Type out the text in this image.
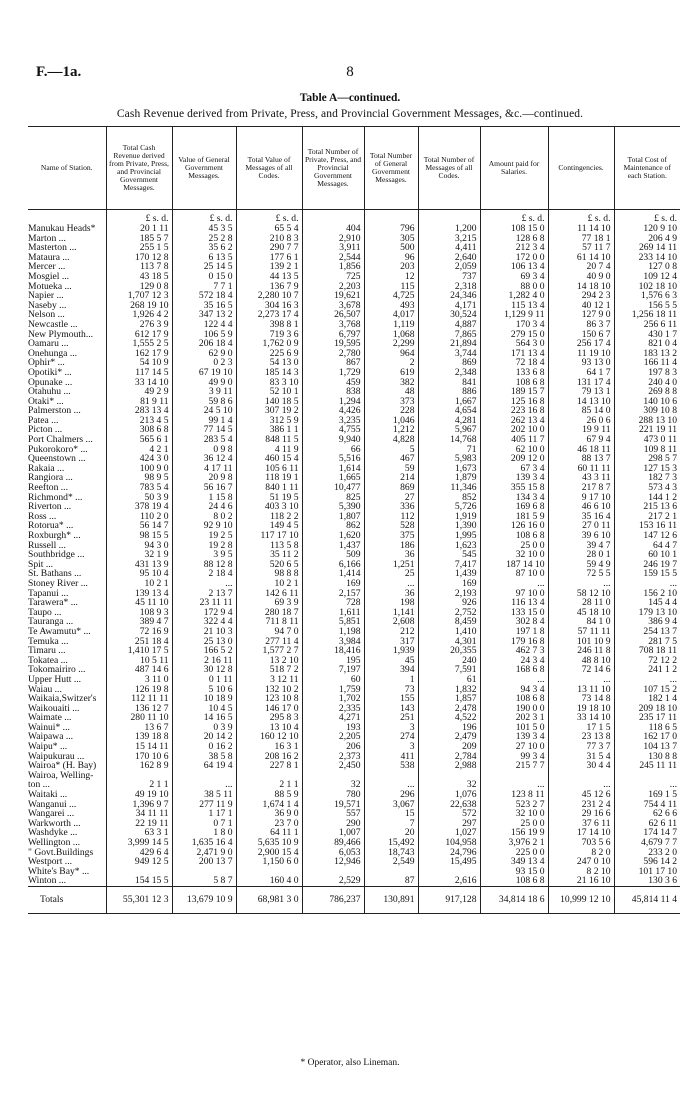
F.—1a.	8
Table A—continued.
Cash Revenue derived from Private, Press, and Provincial Government Messages, &c.—continued.
Name of Station.	Total Cash Revenue derived from Private, Press, and Provincial Government Messages.	Value of General Government Messages.	Total Value of Messages of all Codes.	Total Number of Private, Press, and Provincial Government Messages.	Total Number of General Government Messages.	Total Number of Messages of all Codes.	Amount paid for Salaries.	Contingencies.	Total Cost of Maintenance of each Station.
	£ s. d.	£ s. d.	£ s. d.				£ s. d.	£ s. d.	£ s. d.
Manukau Heads*	20 1 11	45 3 5	65 5 4	404	796	1,200	108 15 0	11 14 10	120 9 10
Marton ...	185 5 7	25 2 8	210 8 3	2,910	305	3,215	128 6 8	77 18 1	206 4 9
Masterton ...	255 1 5	35 6 2	290 7 7	3,911	500	4,411	212 3 4	57 11 7	269 14 11
Mataura ...	170 12 8	6 13 5	177 6 1	2,544	96	2,640	172 0 0	61 14 10	233 14 10
Mercer ...	113 7 8	25 14 5	139 2 1	1,856	203	2,059	106 13 4	20 7 4	127 0 8
Mosgiel ...	43 18 5	0 15 0	44 13 5	725	12	737	69 3 4	40 9 0	109 12 4
Motueka ...	129 0 8	7 7 1	136 7 9	2,203	115	2,318	88 0 0	14 18 10	102 18 10
Napier ...	1,707 12 3	572 18 4	2,280 10 7	19,621	4,725	24,346	1,282 4 0	294 2 3	1,576 6 3
Naseby ...	268 19 10	35 16 5	304 16 3	3,678	493	4,171	115 13 4	40 12 1	156 5 5
Nelson ...	1,926 4 2	347 13 2	2,273 17 4	26,507	4,017	30,524	1,129 9 11	127 9 0	1,256 18 11
Newcastle ...	276 3 9	122 4 4	398 8 1	3,768	1,119	4,887	170 3 4	86 3 7	256 6 11
New Plymouth...	612 17 9	106 5 9	719 3 6	6,797	1,068	7,865	279 15 0	150 6 7	430 1 7
Oamaru ...	1,555 2 5	206 18 4	1,762 0 9	19,595	2,299	21,894	564 3 0	256 17 4	821 0 4
Onehunga ...	162 17 9	62 9 0	225 6 9	2,780	964	3,744	171 13 4	11 19 10	183 13 2
Ophir* ...	54 10 9	0 2 3	54 13 0	867	2	869	72 18 4	93 13 0	166 11 4
Opotiki* ...	117 14 5	67 19 10	185 14 3	1,729	619	2,348	133 6 8	64 1 7	197 8 3
Opunake ...	33 14 10	49 9 0	83 3 10	459	382	841	108 6 8	131 17 4	240 4 0
Otahuhu ...	49 2 9	3 9 11	52 10 1	838	48	886	189 15 7	79 13 1	269 8 8
Otaki* ...	81 9 11	59 8 6	140 18 5	1,294	373	1,667	125 16 8	14 13 10	140 10 6
Palmerston ...	283 13 4	24 5 10	307 19 2	4,426	228	4,654	223 16 8	85 14 0	309 10 8
Patea ...	213 4 5	99 1 4	312 5 9	3,235	1,046	4,281	262 13 4	26 0 6	288 13 10
Picton ...	308 6 8	77 14 5	386 1 1	4,755	1,212	5,967	202 10 0	19 9 11	221 19 11
Port Chalmers ...	565 6 1	283 5 4	848 11 5	9,940	4,828	14,768	405 11 7	67 9 4	473 0 11
Pukorokoro* ...	4 2 1	0 9 8	4 11 9	66	5	71	62 10 0	46 18 11	109 8 11
Queenstown ...	424 3 0	36 12 4	460 15 4	5,516	467	5,983	209 12 0	88 13 7	298 5 7
Rakaia ...	100 9 0	4 17 11	105 6 11	1,614	59	1,673	67 3 4	60 11 11	127 15 3
Rangiora ...	98 9 5	20 9 8	118 19 1	1,665	214	1,879	139 3 4	43 3 11	182 7 3
Reefton ...	783 5 4	56 16 7	840 1 11	10,477	869	11,346	355 15 8	217 8 7	573 4 3
Richmond* ...	50 3 9	1 15 8	51 19 5	825	27	852	134 3 4	9 17 10	144 1 2
Riverton ...	378 19 4	24 4 6	403 3 10	5,390	336	5,726	169 6 8	46 6 10	215 13 6
Ross ...	110 2 0	8 0 2	118 2 2	1,807	112	1,919	181 5 9	35 16 4	217 2 1
Rotorua* ...	56 14 7	92 9 10	149 4 5	862	528	1,390	126 16 0	27 0 11	153 16 11
Roxburgh* ...	98 15 5	19 2 5	117 17 10	1,620	375	1,995	108 6 8	39 6 10	147 12 6
Russell ...	94 3 0	19 2 8	113 5 8	1,437	186	1,623	25 0 0	39 4 7	64 4 7
Southbridge ...	32 1 9	3 9 5	35 11 2	509	36	545	32 10 0	28 0 1	60 10 1
Spit ...	431 13 9	88 12 8	520 6 5	6,166	1,251	7,417	187 14 10	59 4 9	246 19 7
St. Bathans ...	95 10 4	2 18 4	98 8 8	1,414	25	1,439	87 10 0	72 5 5	159 15 5
Stoney River ...	10 2 1	...	10 2 1	169	...	169	...	...	...
Tapanui ...	139 13 4	2 13 7	142 6 11	2,157	36	2,193	97 10 0	58 12 10	156 2 10
Tarawera* ...	45 11 10	23 11 11	69 3 9	728	198	926	116 13 4	28 11 0	145 4 4
Taupo ...	108 9 3	172 9 4	280 18 7	1,611	1,141	2,752	133 15 0	45 18 10	179 13 10
Tauranga ...	389 4 7	322 4 4	711 8 11	5,851	2,608	8,459	302 8 4	84 1 0	386 9 4
Te Awamutu* ...	72 16 9	21 10 3	94 7 0	1,198	212	1,410	197 1 8	57 11 11	254 13 7
Temuka ...	251 18 4	25 13 0	277 11 4	3,984	317	4,301	179 16 8	101 10 9	281 7 5
Timaru ...	1,410 17 5	166 5 2	1,577 2 7	18,416	1,939	20,355	462 7 3	246 11 8	708 18 11
Tokatea ...	10 5 11	2 16 11	13 2 10	195	45	240	24 3 4	48 8 10	72 12 2
Tokomairiro ...	487 14 6	30 12 8	518 7 2	7,197	394	7,591	168 6 8	72 14 6	241 1 2
Upper Hutt ...	3 11 0	0 1 11	3 12 11	60	1	61	...	...	...
Waiau ...	126 19 8	5 10 6	132 10 2	1,759	73	1,832	94 3 4	13 11 10	107 15 2
Waikaia,Switzer's	112 11 11	10 18 9	123 10 8	1,702	155	1,857	108 6 8	73 14 8	182 1 4
Waikouaiti ...	136 12 7	10 4 5	146 17 0	2,335	143	2,478	190 0 0	19 18 10	209 18 10
Waimate ...	280 11 10	14 16 5	295 8 3	4,271	251	4,522	202 3 1	33 14 10	235 17 11
Wainui* ...	13 6 7	0 3 9	13 10 4	193	3	196	101 5 0	17 1 5	118 6 5
Waipawa ...	139 18 8	20 14 2	160 12 10	2,205	274	2,479	139 3 4	23 13 8	162 17 0
Waipu* ...	15 14 11	0 16 2	16 3 1	206	3	209	27 10 0	77 3 7	104 13 7
Waipukurau ...	170 10 6	38 5 8	208 16 2	2,373	411	2,784	99 3 4	31 5 4	130 8 8
Wairoa* (H. Bay)	162 8 9	64 19 4	227 8 1	2,450	538	2,988	215 7 7	30 4 4	245 11 11
Wairoa, Welling-									
ton ...	2 1 1	...	2 1 1	32	...	32	...	...	...
Waitaki ...	49 19 10	38 5 11	88 5 9	780	296	1,076	123 8 11	45 12 6	169 1 5
Wanganui ...	1,396 9 7	277 11 9	1,674 1 4	19,571	3,067	22,638	523 2 7	231 2 4	754 4 11
Wangarei ...	34 11 11	1 17 1	36 9 0	557	15	572	32 10 0	29 16 6	62 6 6
Warkworth ...	22 19 11	0 7 1	23 7 0	290	7	297	25 0 0	37 6 11	62 6 11
Washdyke ...	63 3 1	1 8 0	64 11 1	1,007	20	1,027	156 19 9	17 14 10	174 14 7
Wellington ...	3,999 14 5	1,635 16 4	5,635 10 9	89,466	15,492	104,958	3,976 2 1	703 5 6	4,679 7 7
" Govt.Buildings	429 6 4	2,471 9 0	2,900 15 4	6,053	18,743	24,796	225 0 0	8 2 0	233 2 0
Westport ...	949 12 5	200 13 7	1,150 6 0	12,946	2,549	15,495	349 13 4	247 0 10	596 14 2
White's Bay* ...							93 15 0	8 2 10	101 17 10
Winton ...	154 15 5	5 8 7	160 4 0	2,529	87	2,616	108 6 8	21 16 10	130 3 6
Totals	55,301 12 3	13,679 10 9	68,981 3 0	786,237	130,891	917,128	34,814 18 6	10,999 12 10	45,814 11 4
* Operator, also Lineman.
